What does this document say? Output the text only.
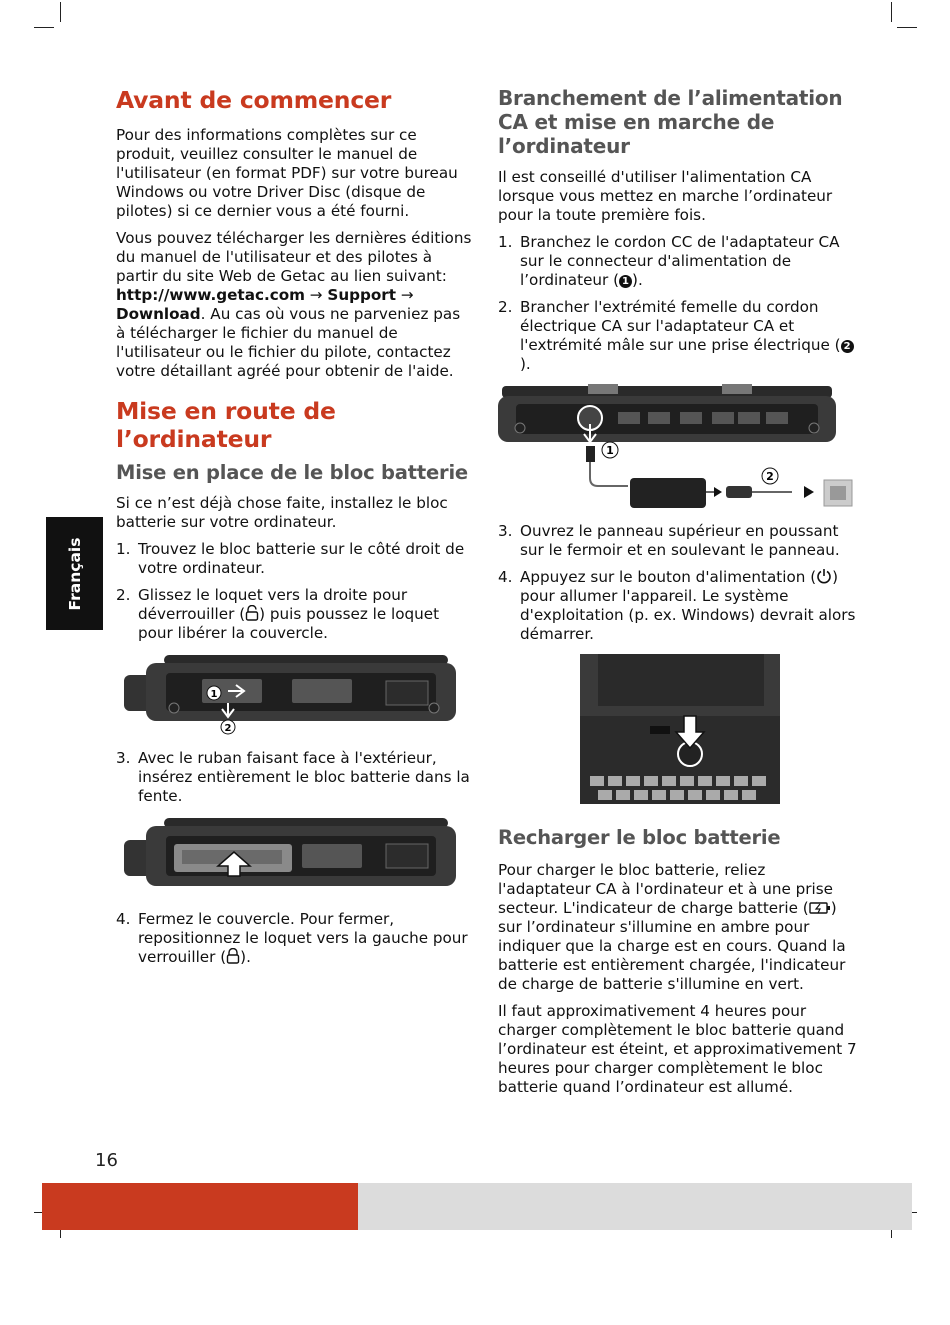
Français
Avant de commencer

Pour des informations complètes sur ce produit, veuillez consulter le manuel de l'utilisateur (en format PDF) sur votre bureau Windows ou votre Driver Disc (disque de pilotes) si ce dernier vous a été fourni.

Vous pouvez télécharger les dernières éditions du manuel de l'utilisateur et des pilotes à partir du site Web de Getac au lien suivant: http://www.getac.com → Support → Download. Au cas où vous ne parveniez pas à télécharger le fichier du manuel de l'utilisateur ou le fichier du pilote, contactez votre détaillant agréé pour obtenir de l'aide.

Mise en route de l’ordinateur
Mise en place de le bloc batterie

Si ce n’est déjà chose faite, installez le bloc batterie sur votre ordinateur.

1. Trouvez le bloc batterie sur le côté droit de votre ordinateur.
2. Glissez le loquet vers la droite pour déverrouiller ( ) puis poussez le loquet pour libérer la couvercle.
1
2
3. Avec le ruban faisant face à l'extérieur, insérez entièrement le bloc batterie dans la fente.
4. Fermez le couvercle. Pour fermer, repositionnez le loquet vers la gauche pour verrouiller ( ).
Branchement de l’alimentation CA et mise en marche de l’ordinateur

Il est conseillé d'utiliser l'alimentation CA lorsque vous mettez en marche l’ordinateur pour la toute première fois.

1. Branchez le cordon CC de l'adaptateur CA sur le connecteur d'alimentation de l’ordinateur ( 1 ).
2. Brancher l'extrémité femelle du cordon électrique CA sur l'adaptateur CA et l'extrémité mâle sur une prise électrique ( 2).
1
2
3. Ouvrez le panneau supérieur en poussant sur le fermoir et en soulevant le panneau.
4. Appuyez sur le bouton d'alimentation ( ) pour allumer l'appareil. Le système d'exploitation (p. ex. Windows) devrait alors démarrer.
Recharger le bloc batterie

Pour charger le bloc batterie, reliez l'adaptateur CA à l'ordinateur et à une prise secteur. L'indicateur de charge batterie ( ) sur l’ordinateur s'illumine en ambre pour indiquer que la charge est en cours. Quand la batterie est entièrement chargée, l'indicateur de charge de batterie s'illumine en vert.

Il faut approximativement 4 heures pour charger complètement le bloc batterie quand l’ordinateur est éteint, et approximativement 7 heures pour charger complètement le bloc batterie quand l’ordinateur est allumé.

16
